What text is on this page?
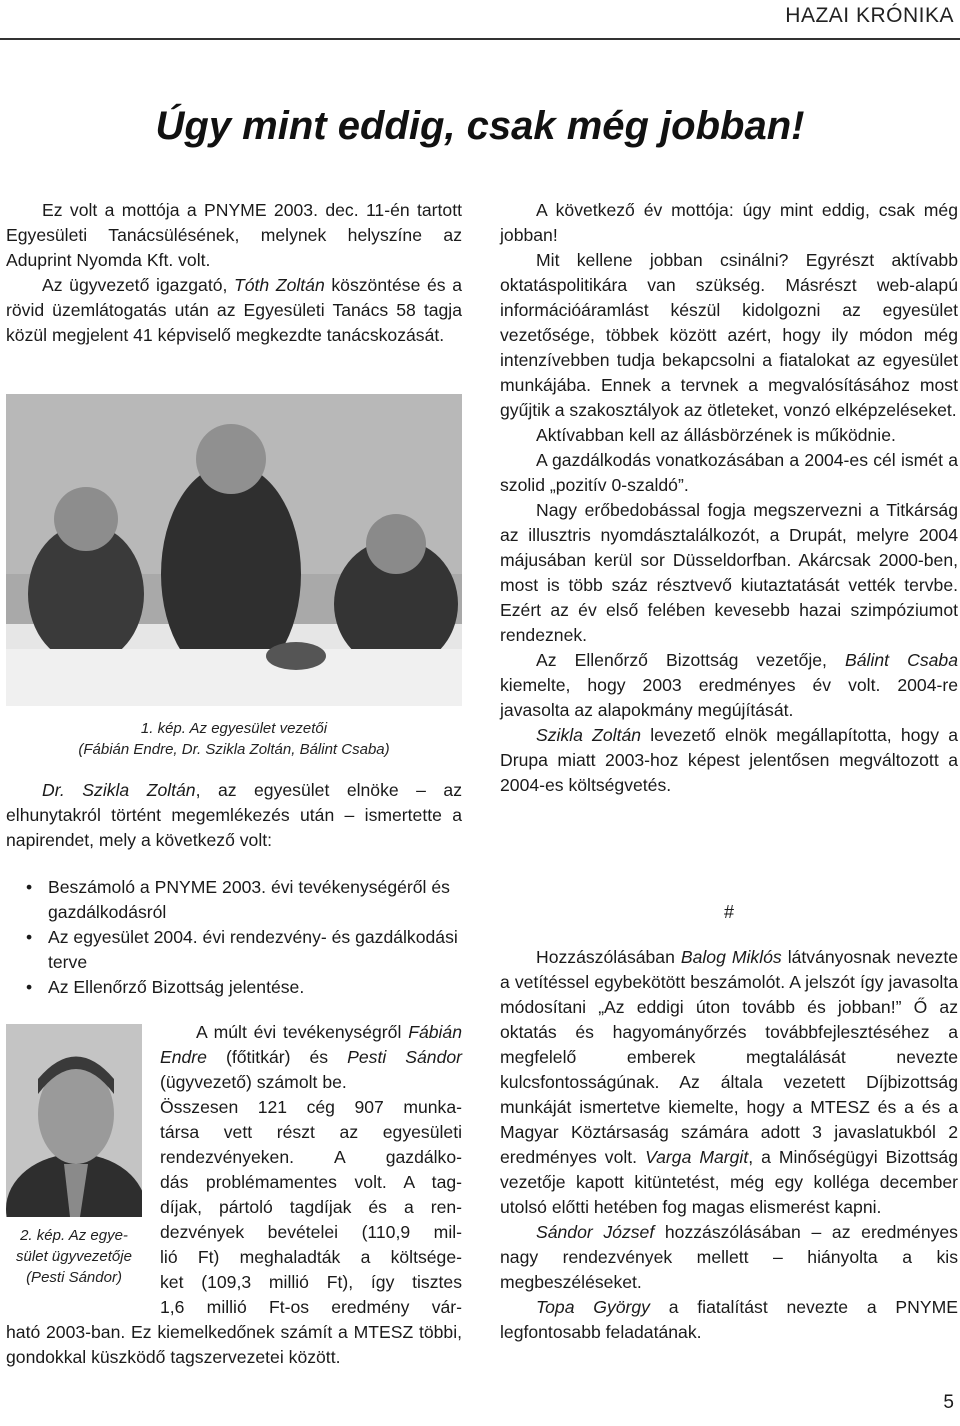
HAZAI KRÓNIKA
Úgy mint eddig, csak még jobban!

Ez volt a mottója a PNYME 2003. dec. 11-én tartott Egyesületi Tanácsülésének, melynek helyszíne az Aduprint Nyomda Kft. volt.

Az ügyvezető igazgató, Tóth Zoltán köszöntése és a rövid üzemlátogatás után az Egyesületi Tanács 58 tagja közül megjelent 41 képviselő megkezdte tanácskozását.

1. kép. Az egyesület vezetői
(Fábián Endre, Dr. Szikla Zoltán, Bálint Csaba)

Dr. Szikla Zoltán, az egyesület elnöke – az elhunytakról történt megemlékezés után – ismertette a napirendet, mely a következő volt:

• Beszámoló a PNYME 2003. évi tevékenységéről és gazdálkodásról
• Az egyesület 2004. évi rendezvény- és gazdálkodási terve
• Az Ellenőrző Bizottság jelentése.
2. kép. Az egye-
sület ügyvezetője
(Pesti Sándor)

A múlt évi tevékenységről Fábián Endre (főtitkár) és Pesti Sándor (ügyvezető) számolt be.

Összesen 121 cég 907 munka-
társa vett részt az egyesületi
rendezvényeken. A gazdálko-
dás problémamentes volt. A tag-
díjak, pártoló tagdíjak és a ren-
dezvények bevételei (110,9 mil-
lió Ft) meghaladták a költsége-
ket (109,3 millió Ft), így tisztes
1,6 millió Ft-os eredmény vár-

ható 2003-ban. Ez kiemelkedőnek számít a MTESZ többi, gondokkal küszködő tagszervezetei között.

A következő év mottója: úgy mint eddig, csak még jobban!
Mit kellene jobban csinálni? Egyrészt aktívabb oktatáspolitikára van szükség. Másrészt web-alapú információáramlást készül kidolgozni az egyesület vezetősége, többek között azért, hogy ily módon még intenzívebben tudja bekapcsolni a fiatalokat az egyesület munkájába. Ennek a tervnek a megvalósításához most gyűjtik a szakosztályok az ötleteket, vonzó elképzeléseket.
Aktívabban kell az állásbörzének is működnie.
A gazdálkodás vonatkozásában a 2004-es cél ismét a szolid „pozitív 0-szaldó”.
Nagy erőbedobással fogja megszervezni a Titkárság az illusztris nyomdásztalálkozót, a Drupát, melyre 2004 májusában kerül sor Düsseldorfban. Akárcsak 2000-ben, most is több száz résztvevő kiutaztatását vették tervbe. Ezért az év első felében kevesebb hazai szimpóziumot rendeznek.
Az Ellenőrző Bizottság vezetője, Bálint Csaba kiemelte, hogy 2003 eredményes év volt. 2004-re javasolta az alapokmány megújítását.
Szikla Zoltán levezető elnök megállapította, hogy a Drupa miatt 2003-hoz képest jelentősen megváltozott a 2004-es költségvetés.
#
Hozzászólásában Balog Miklós látványosnak nevezte a vetítéssel egybekötött beszámolót. A jelszót így javasolta módosítani „Az eddigi úton tovább és jobban!” Ő az oktatás és hagyományőrzés továbbfejlesztéséhez a megfelelő emberek megtalálását nevezte kulcsfontosságúnak. Az általa vezetett Díjbizottság munkáját ismertetve kiemelte, hogy a MTESZ és a és a Magyar Köztársaság számára adott 3 javaslatukból 2 eredményes volt. Varga Margit, a Minőségügyi Bizottság vezetője kapott kitüntetést, még egy kolléga december utolsó előtti hetében fog magas elismerést kapni.
Sándor József hozzászólásában – az eredményes nagy rendezvények mellett – hiányolta a kis megbeszéléseket.
Topa György a fiatalítást nevezte a PNYME legfontosabb feladatának.
5
